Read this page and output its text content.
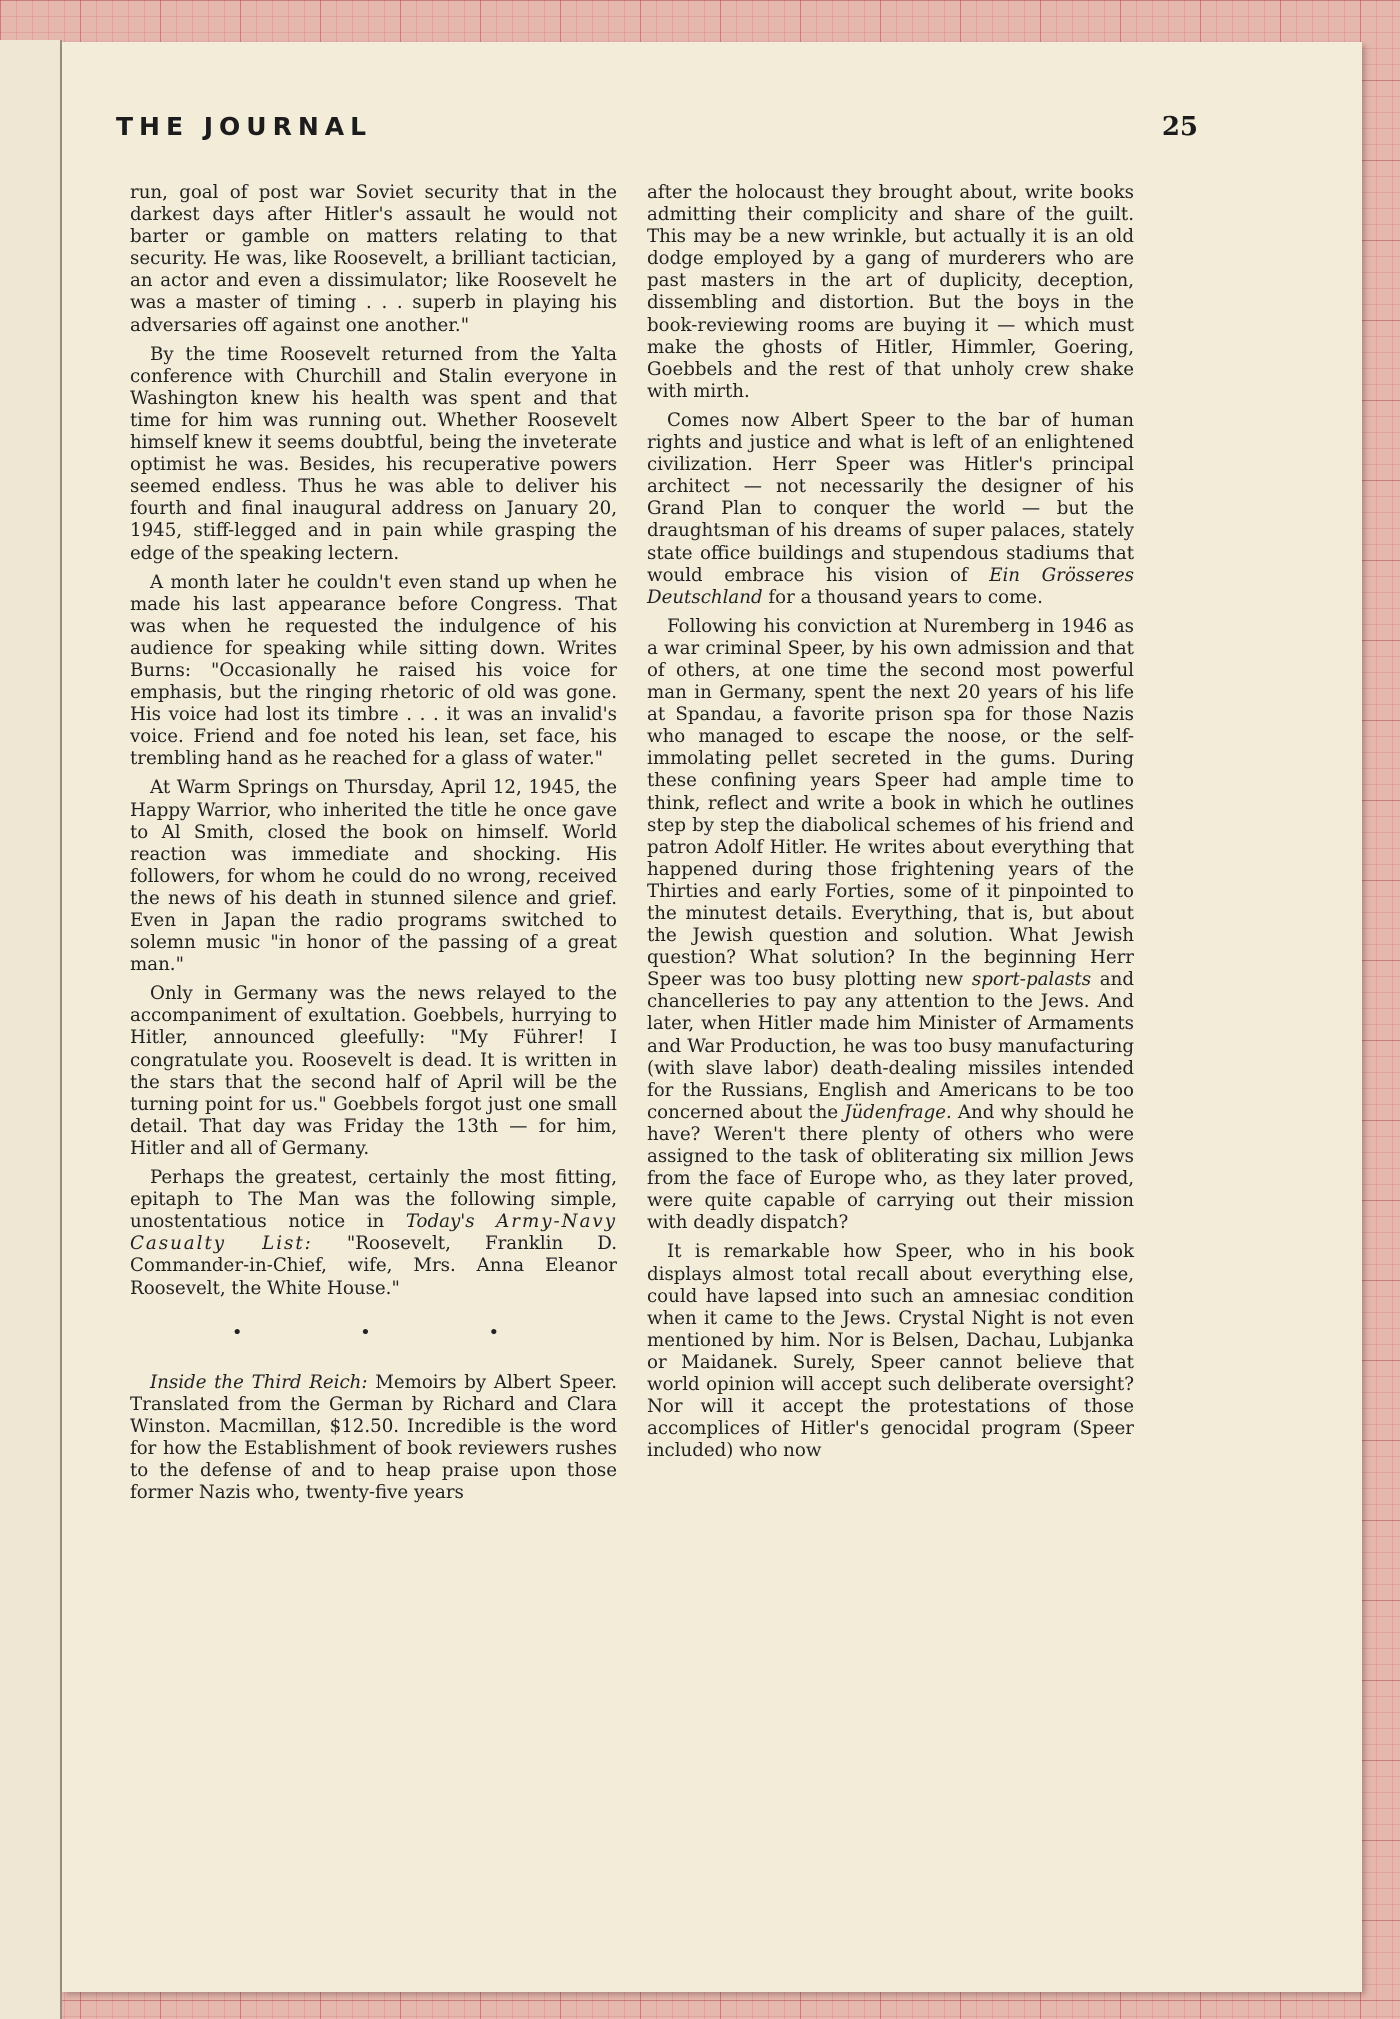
THE JOURNAL	25

run, goal of post war Soviet security that in the darkest days after Hitler's assault he would not barter or gamble on matters relating to that security. He was, like Roosevelt, a brilliant tactician, an actor and even a dissimulator; like Roosevelt he was a master of timing . . . superb in playing his adversaries off against one another."

By the time Roosevelt returned from the Yalta conference with Churchill and Stalin everyone in Washington knew his health was spent and that time for him was running out. Whether Roosevelt himself knew it seems doubtful, being the inveterate optimist he was. Besides, his recuperative powers seemed endless. Thus he was able to deliver his fourth and final inaugural address on January 20, 1945, stiff-legged and in pain while grasping the edge of the speaking lectern.

A month later he couldn't even stand up when he made his last appearance before Congress. That was when he requested the indulgence of his audience for speaking while sitting down. Writes Burns: "Occasionally he raised his voice for emphasis, but the ringing rhetoric of old was gone. His voice had lost its timbre . . . it was an invalid's voice. Friend and foe noted his lean, set face, his trembling hand as he reached for a glass of water."

At Warm Springs on Thursday, April 12, 1945, the Happy Warrior, who inherited the title he once gave to Al Smith, closed the book on himself. World reaction was immediate and shocking. His followers, for whom he could do no wrong, received the news of his death in stunned silence and grief. Even in Japan the radio programs switched to solemn music "in honor of the passing of a great man."

Only in Germany was the news relayed to the accompaniment of exultation. Goebbels, hurrying to Hitler, announced gleefully: "My Führer! I congratulate you. Roosevelt is dead. It is written in the stars that the second half of April will be the turning point for us." Goebbels forgot just one small detail. That day was Friday the 13th — for him, Hitler and all of Germany.

Perhaps the greatest, certainly the most fitting, epitaph to The Man was the following simple, unostentatious notice in Today's Army-Navy Casualty List: "Roosevelt, Franklin D. Commander-in-Chief, wife, Mrs. Anna Eleanor Roosevelt, the White House."

• • •

Inside the Third Reich: Memoirs by Albert Speer. Translated from the German by Richard and Clara Winston. Macmillan, $12.50. Incredible is the word for how the Establishment of book reviewers rushes to the defense of and to heap praise upon those former Nazis who, twenty-five years

after the holocaust they brought about, write books admitting their complicity and share of the guilt. This may be a new wrinkle, but actually it is an old dodge employed by a gang of murderers who are past masters in the art of duplicity, deception, dissembling and distortion. But the boys in the book-reviewing rooms are buying it — which must make the ghosts of Hitler, Himmler, Goering, Goebbels and the rest of that unholy crew shake with mirth.

Comes now Albert Speer to the bar of human rights and justice and what is left of an enlightened civilization. Herr Speer was Hitler's principal architect — not necessarily the designer of his Grand Plan to conquer the world — but the draughtsman of his dreams of super palaces, stately state office buildings and stupendous stadiums that would embrace his vision of Ein Grösseres Deutschland for a thousand years to come.

Following his conviction at Nuremberg in 1946 as a war criminal Speer, by his own admission and that of others, at one time the second most powerful man in Germany, spent the next 20 years of his life at Spandau, a favorite prison spa for those Nazis who managed to escape the noose, or the self-immolating pellet secreted in the gums. During these confining years Speer had ample time to think, reflect and write a book in which he outlines step by step the diabolical schemes of his friend and patron Adolf Hitler. He writes about everything that happened during those frightening years of the Thirties and early Forties, some of it pinpointed to the minutest details. Everything, that is, but about the Jewish question and solution. What Jewish question? What solution? In the beginning Herr Speer was too busy plotting new sport-palasts and chancelleries to pay any attention to the Jews. And later, when Hitler made him Minister of Armaments and War Production, he was too busy manufacturing (with slave labor) death-dealing missiles intended for the Russians, English and Americans to be too concerned about the Jüdenfrage. And why should he have? Weren't there plenty of others who were assigned to the task of obliterating six million Jews from the face of Europe who, as they later proved, were quite capable of carrying out their mission with deadly dispatch?

It is remarkable how Speer, who in his book displays almost total recall about everything else, could have lapsed into such an amnesiac condition when it came to the Jews. Crystal Night is not even mentioned by him. Nor is Belsen, Dachau, Lubjanka or Maidanek. Surely, Speer cannot believe that world opinion will accept such deliberate oversight? Nor will it accept the protestations of those accomplices of Hitler's genocidal program (Speer included) who now
